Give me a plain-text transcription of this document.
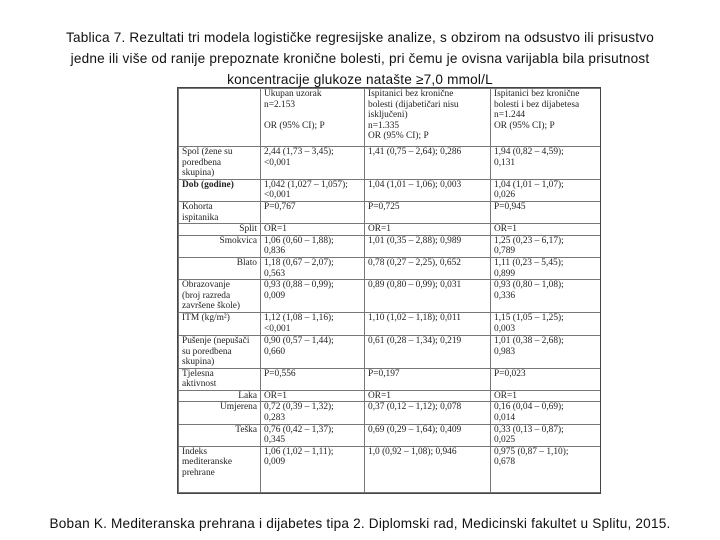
Tablica 7. Rezultati tri modela logističke regresijske analize, s obzirom na odsustvo ili prisustvo
jedne ili više od ranije prepoznate kronične bolesti, pri čemu je ovisna varijabla bila prisutnost
koncentracije glukoze natašte ≥7,0 mmol/L
	Ukupan uzorak
n=2.153

OR (95% CI); P	Ispitanici bez kronične
bolesti (dijabetičari nisu
isključeni)
n=1.335
OR (95% CI); P	Ispitanici bez kronične
bolesti i bez dijabetesa
n=1.244
OR (95% CI); P
Spol (žene su
poredbena
skupina)	2,44 (1,73 – 3,45);
<0,001	1,41 (0,75 – 2,64); 0,286	1,94 (0,82 – 4,59);
0,131
Dob (godine)	1,042 (1,027 – 1,057);
<0,001	1,04 (1,01 – 1,06); 0,003	1,04 (1,01 – 1,07);
0,026
Kohorta
ispitanika	P=0,767	P=0,725	P=0,945
Split	OR=1	OR=1	OR=1
Smokvica	1,06 (0,60 – 1,88);
0,836	1,01 (0,35 – 2,88); 0,989	1,25 (0,23 – 6,17);
0,789
Blato	1,18 (0,67 – 2,07);
0,563	0,78 (0,27 – 2,25), 0,652	1,11 (0,23 – 5,45);
0,899
Obrazovanje
(broj razreda
završene škole)	0,93 (0,88 – 0,99);
0,009	0,89 (0,80 – 0,99); 0,031	0,93 (0,80 – 1,08);
0,336
ITM (kg/m²)	1,12 (1,08 – 1,16);
<0,001	1,10 (1,02 – 1,18); 0,011	1,15 (1,05 – 1,25);
0,003
Pušenje (nepušači
su poredbena
skupina)	0,90 (0,57 – 1,44);
0,660	0,61 (0,28 – 1,34); 0,219	1,01 (0,38 – 2,68);
0,983
Tjelesna
aktivnost	P=0,556	P=0,197	P=0,023
Laka	OR=1	OR=1	OR=1
Umjerena	0,72 (0,39 – 1,32);
0,283	0,37 (0,12 – 1,12); 0,078	0,16 (0,04 – 0,69);
0,014
Teška	0,76 (0,42 – 1,37);
0,345	0,69 (0,29 – 1,64); 0,409	0,33 (0,13 – 0,87);
0,025
Indeks
mediteranske
prehrane	1,06 (1,02 – 1,11);
0,009	1,0 (0,92 – 1,08); 0,946	0,975 (0,87 – 1,10);
0,678
Boban K. Mediteranska prehrana i dijabetes tipa 2. Diplomski rad, Medicinski fakultet u Splitu, 2015.
